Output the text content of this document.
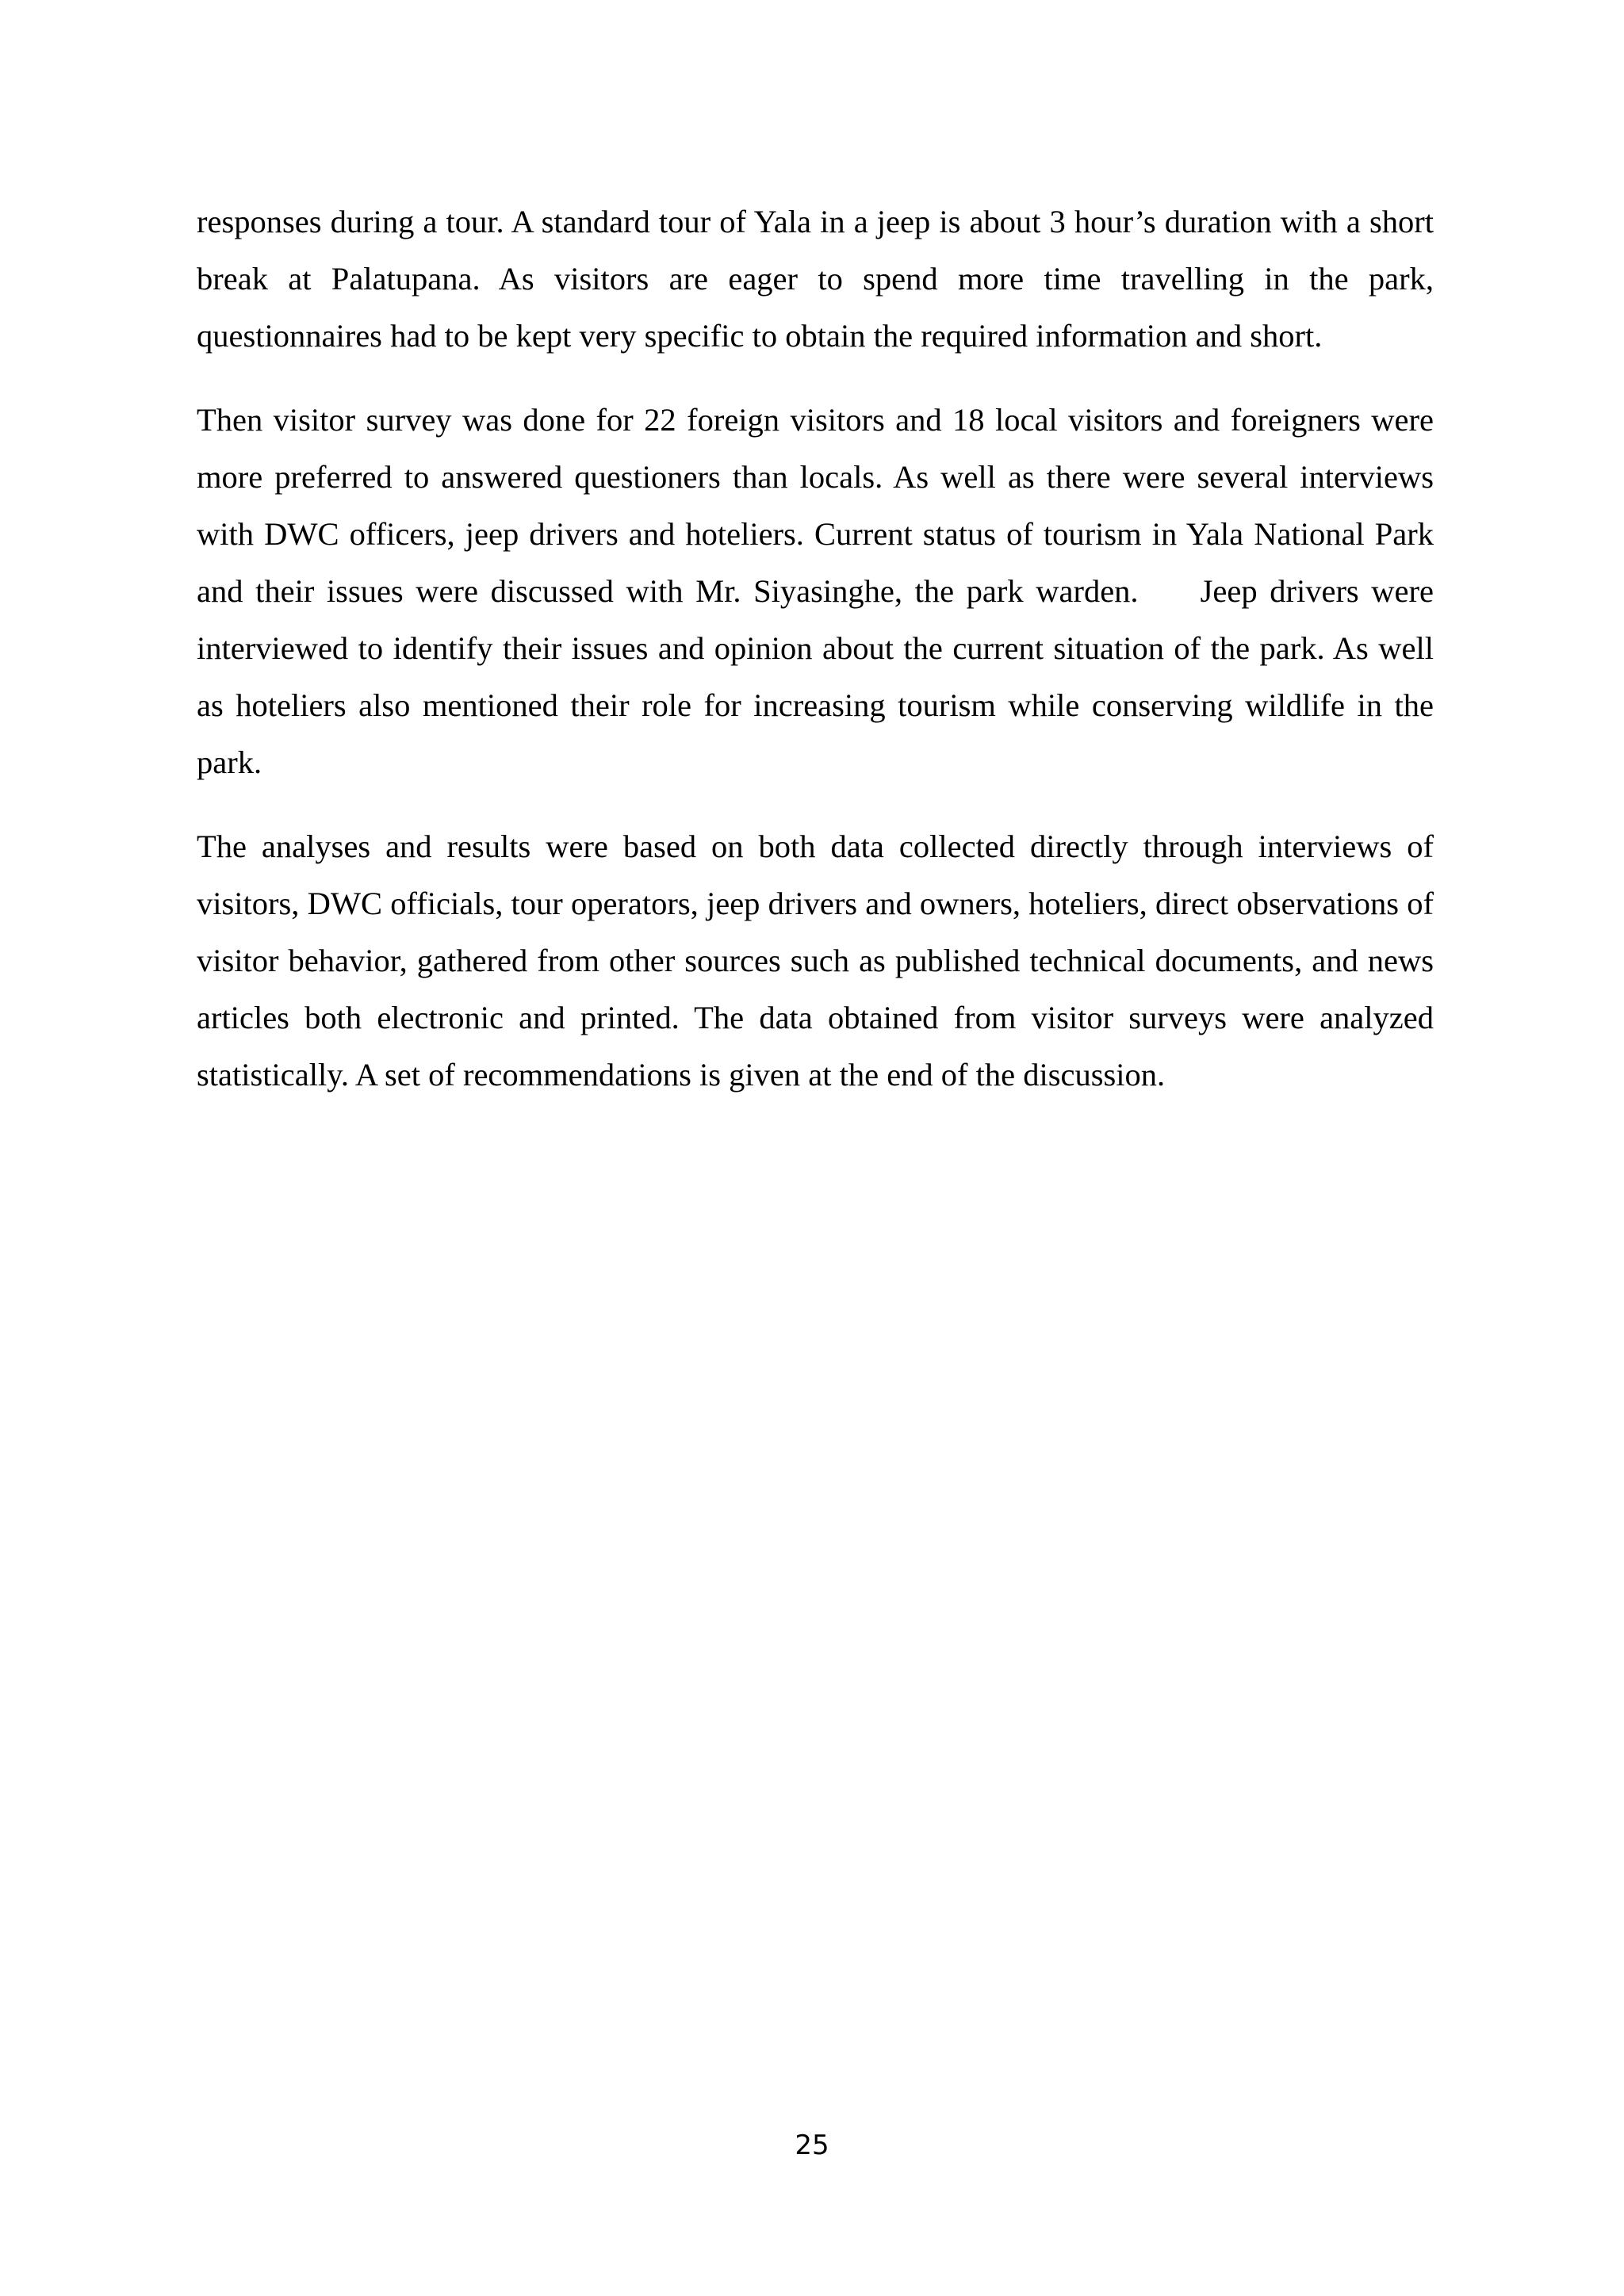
responses during a tour. A standard tour of Yala in a jeep is about 3 hour’s duration with a short break at Palatupana. As visitors are eager to spend more time travelling in the park, questionnaires had to be kept very specific to obtain the required information and short.

Then visitor survey was done for 22 foreign visitors and 18 local visitors and foreigners were more preferred to answered questioners than locals. As well as there were several interviews with DWC officers, jeep drivers and hoteliers. Current status of tourism in Yala National Park and their issues were discussed with Mr. Siyasinghe, the park warden.     Jeep drivers were interviewed to identify their issues and opinion about the current situation of the park. As well as hoteliers also mentioned their role for increasing tourism while conserving wildlife in the park.

The analyses and results were based on both data collected directly through interviews of visitors, DWC officials, tour operators, jeep drivers and owners, hoteliers, direct observations of visitor behavior, gathered from other sources such as published technical documents, and news articles both electronic and printed. The data obtained from visitor surveys were analyzed statistically. A set of recommendations is given at the end of the discussion.

25
